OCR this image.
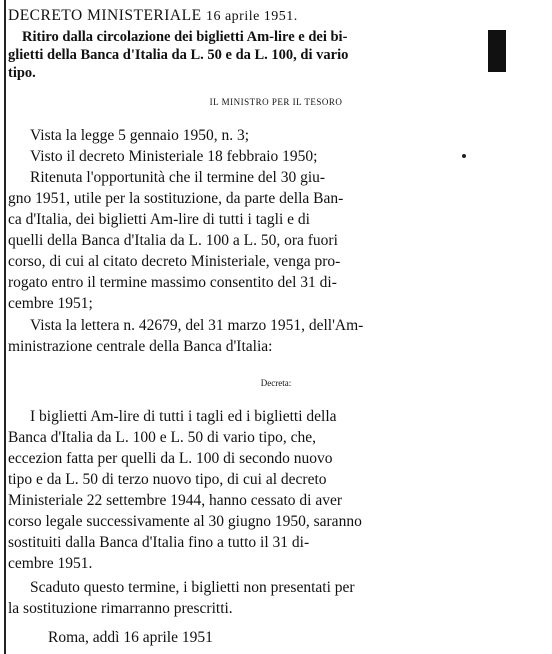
DECRETO MINISTERIALE 16 aprile 1951.
Ritiro dalla circolazione dei biglietti Am-lire e dei bi-
glietti della Banca d'Italia da L. 50 e da L. 100, di vario
tipo.
IL MINISTRO PER IL TESORO
Vista la legge 5 gennaio 1950, n. 3;
Visto il decreto Ministeriale 18 febbraio 1950;
Ritenuta l'opportunità che il termine del 30 giu-
gno 1951, utile per la sostituzione, da parte della Ban-
ca d'Italia, dei biglietti Am-lire di tutti i tagli e di
quelli della Banca d'Italia da L. 100 a L. 50, ora fuori
corso, di cui al citato decreto Ministeriale, venga pro-
rogato entro il termine massimo consentito del 31 di-
cembre 1951;
Vista la lettera n. 42679, del 31 marzo 1951, dell'Am-
ministrazione centrale della Banca d'Italia:
Decreta:
I biglietti Am-lire di tutti i tagli ed i biglietti della
Banca d'Italia da L. 100 e L. 50 di vario tipo, che,
eccezion fatta per quelli da L. 100 di secondo nuovo
tipo e da L. 50 di terzo nuovo tipo, di cui al decreto
Ministeriale 22 settembre 1944, hanno cessato di aver
corso legale successivamente al 30 giugno 1950, saranno
sostituiti dalla Banca d'Italia fino a tutto il 31 di-
cembre 1951.
Scaduto questo termine, i biglietti non presentati per
la sostituzione rimarranno prescritti.
Roma, addì 16 aprile 1951
